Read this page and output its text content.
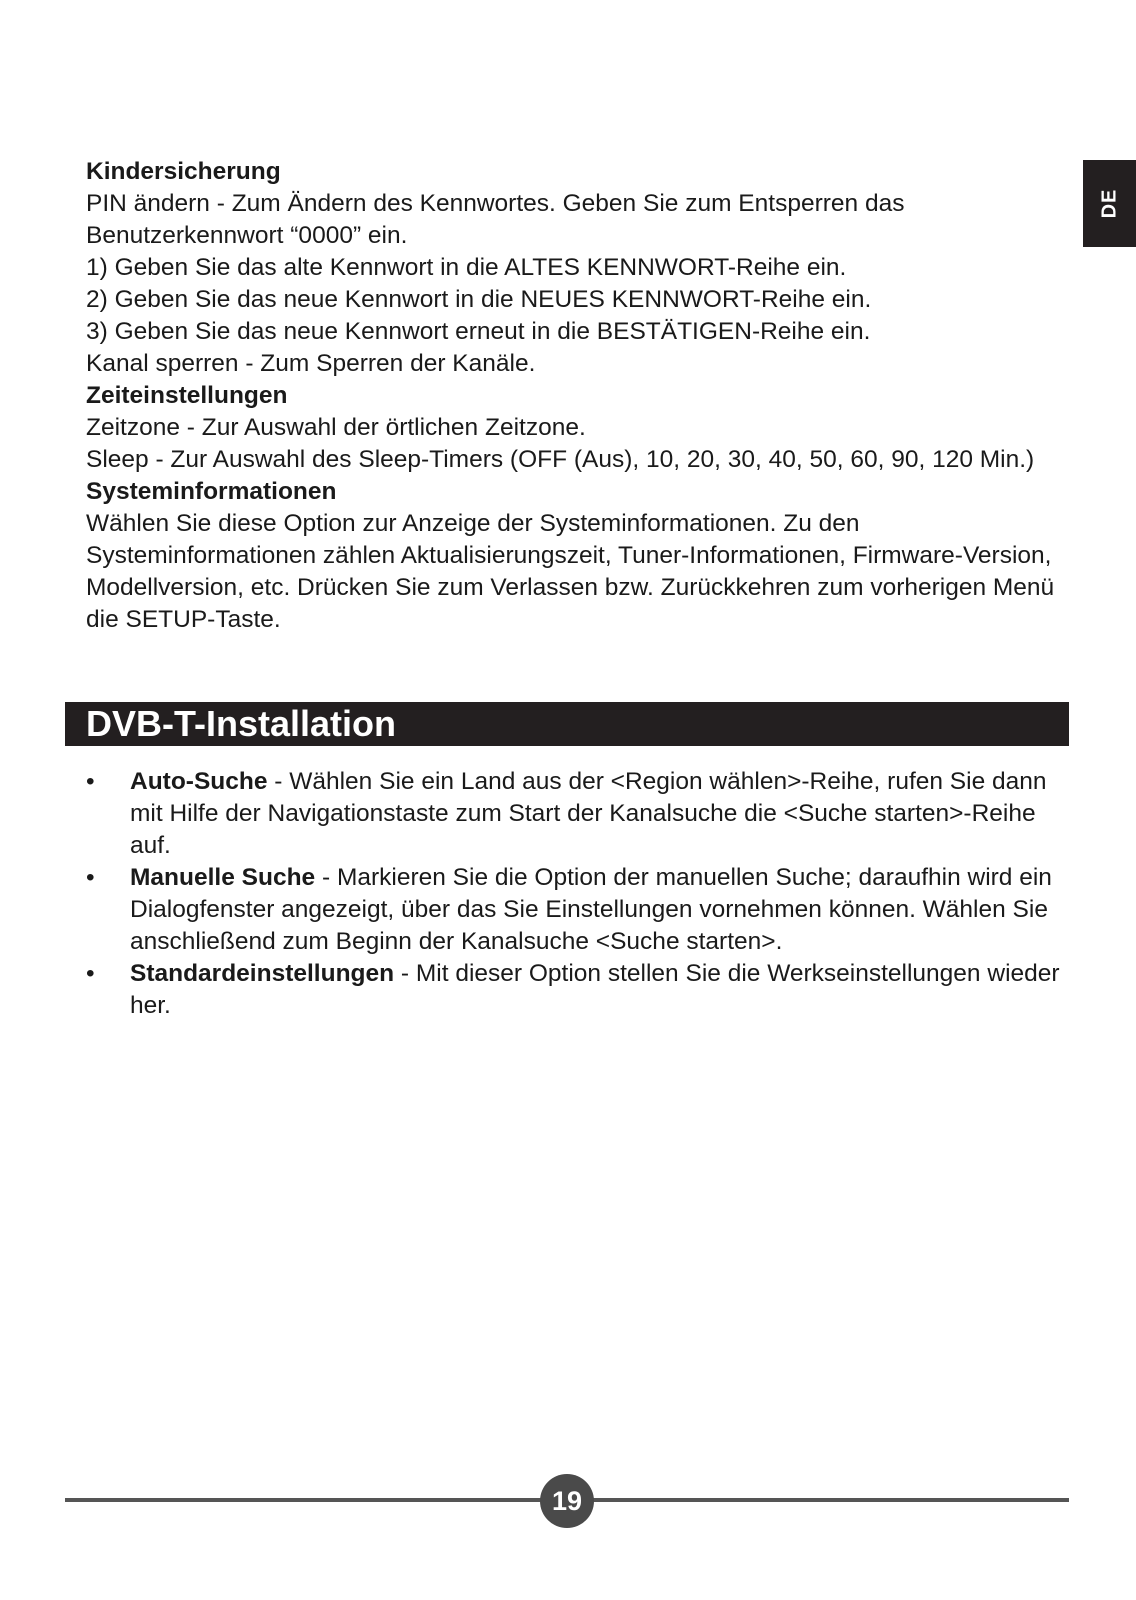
DE

Kindersicherung

PIN ändern - Zum Ändern des Kennwortes. Geben Sie zum Entsperren das Benutzerkennwort “0000” ein.

1) Geben Sie das alte Kennwort in die ALTES KENNWORT-Reihe ein.

2) Geben Sie das neue Kennwort in die NEUES KENNWORT-Reihe ein.

3) Geben Sie das neue Kennwort erneut in die BESTÄTIGEN-Reihe ein.

Kanal sperren - Zum Sperren der Kanäle.

Zeiteinstellungen

Zeitzone - Zur Auswahl der örtlichen Zeitzone.

Sleep - Zur Auswahl des Sleep-Timers (OFF (Aus), 10, 20, 30, 40, 50, 60, 90, 120 Min.)

Systeminformationen

Wählen Sie diese Option zur Anzeige der Systeminformationen. Zu den Systeminformationen zählen Aktualisierungszeit, Tuner-Informationen, Firmware-Version, Modellversion, etc. Drücken Sie zum Verlassen bzw. Zurückkehren zum vorherigen Menü die SETUP-Taste.

DVB-T-Installation
• Auto-Suche - Wählen Sie ein Land aus der <Region wählen>-Reihe, rufen Sie dann mit Hilfe der Navigationstaste zum Start der Kanalsuche die <Suche starten>-Reihe auf.
• Manuelle Suche - Markieren Sie die Option der manuellen Suche; daraufhin wird ein Dialogfenster angezeigt, über das Sie Einstellungen vornehmen können. Wählen Sie anschließend zum Beginn der Kanalsuche <Suche starten>.
• Standardeinstellungen - Mit dieser Option stellen Sie die Werkseinstellungen wieder her.
19
